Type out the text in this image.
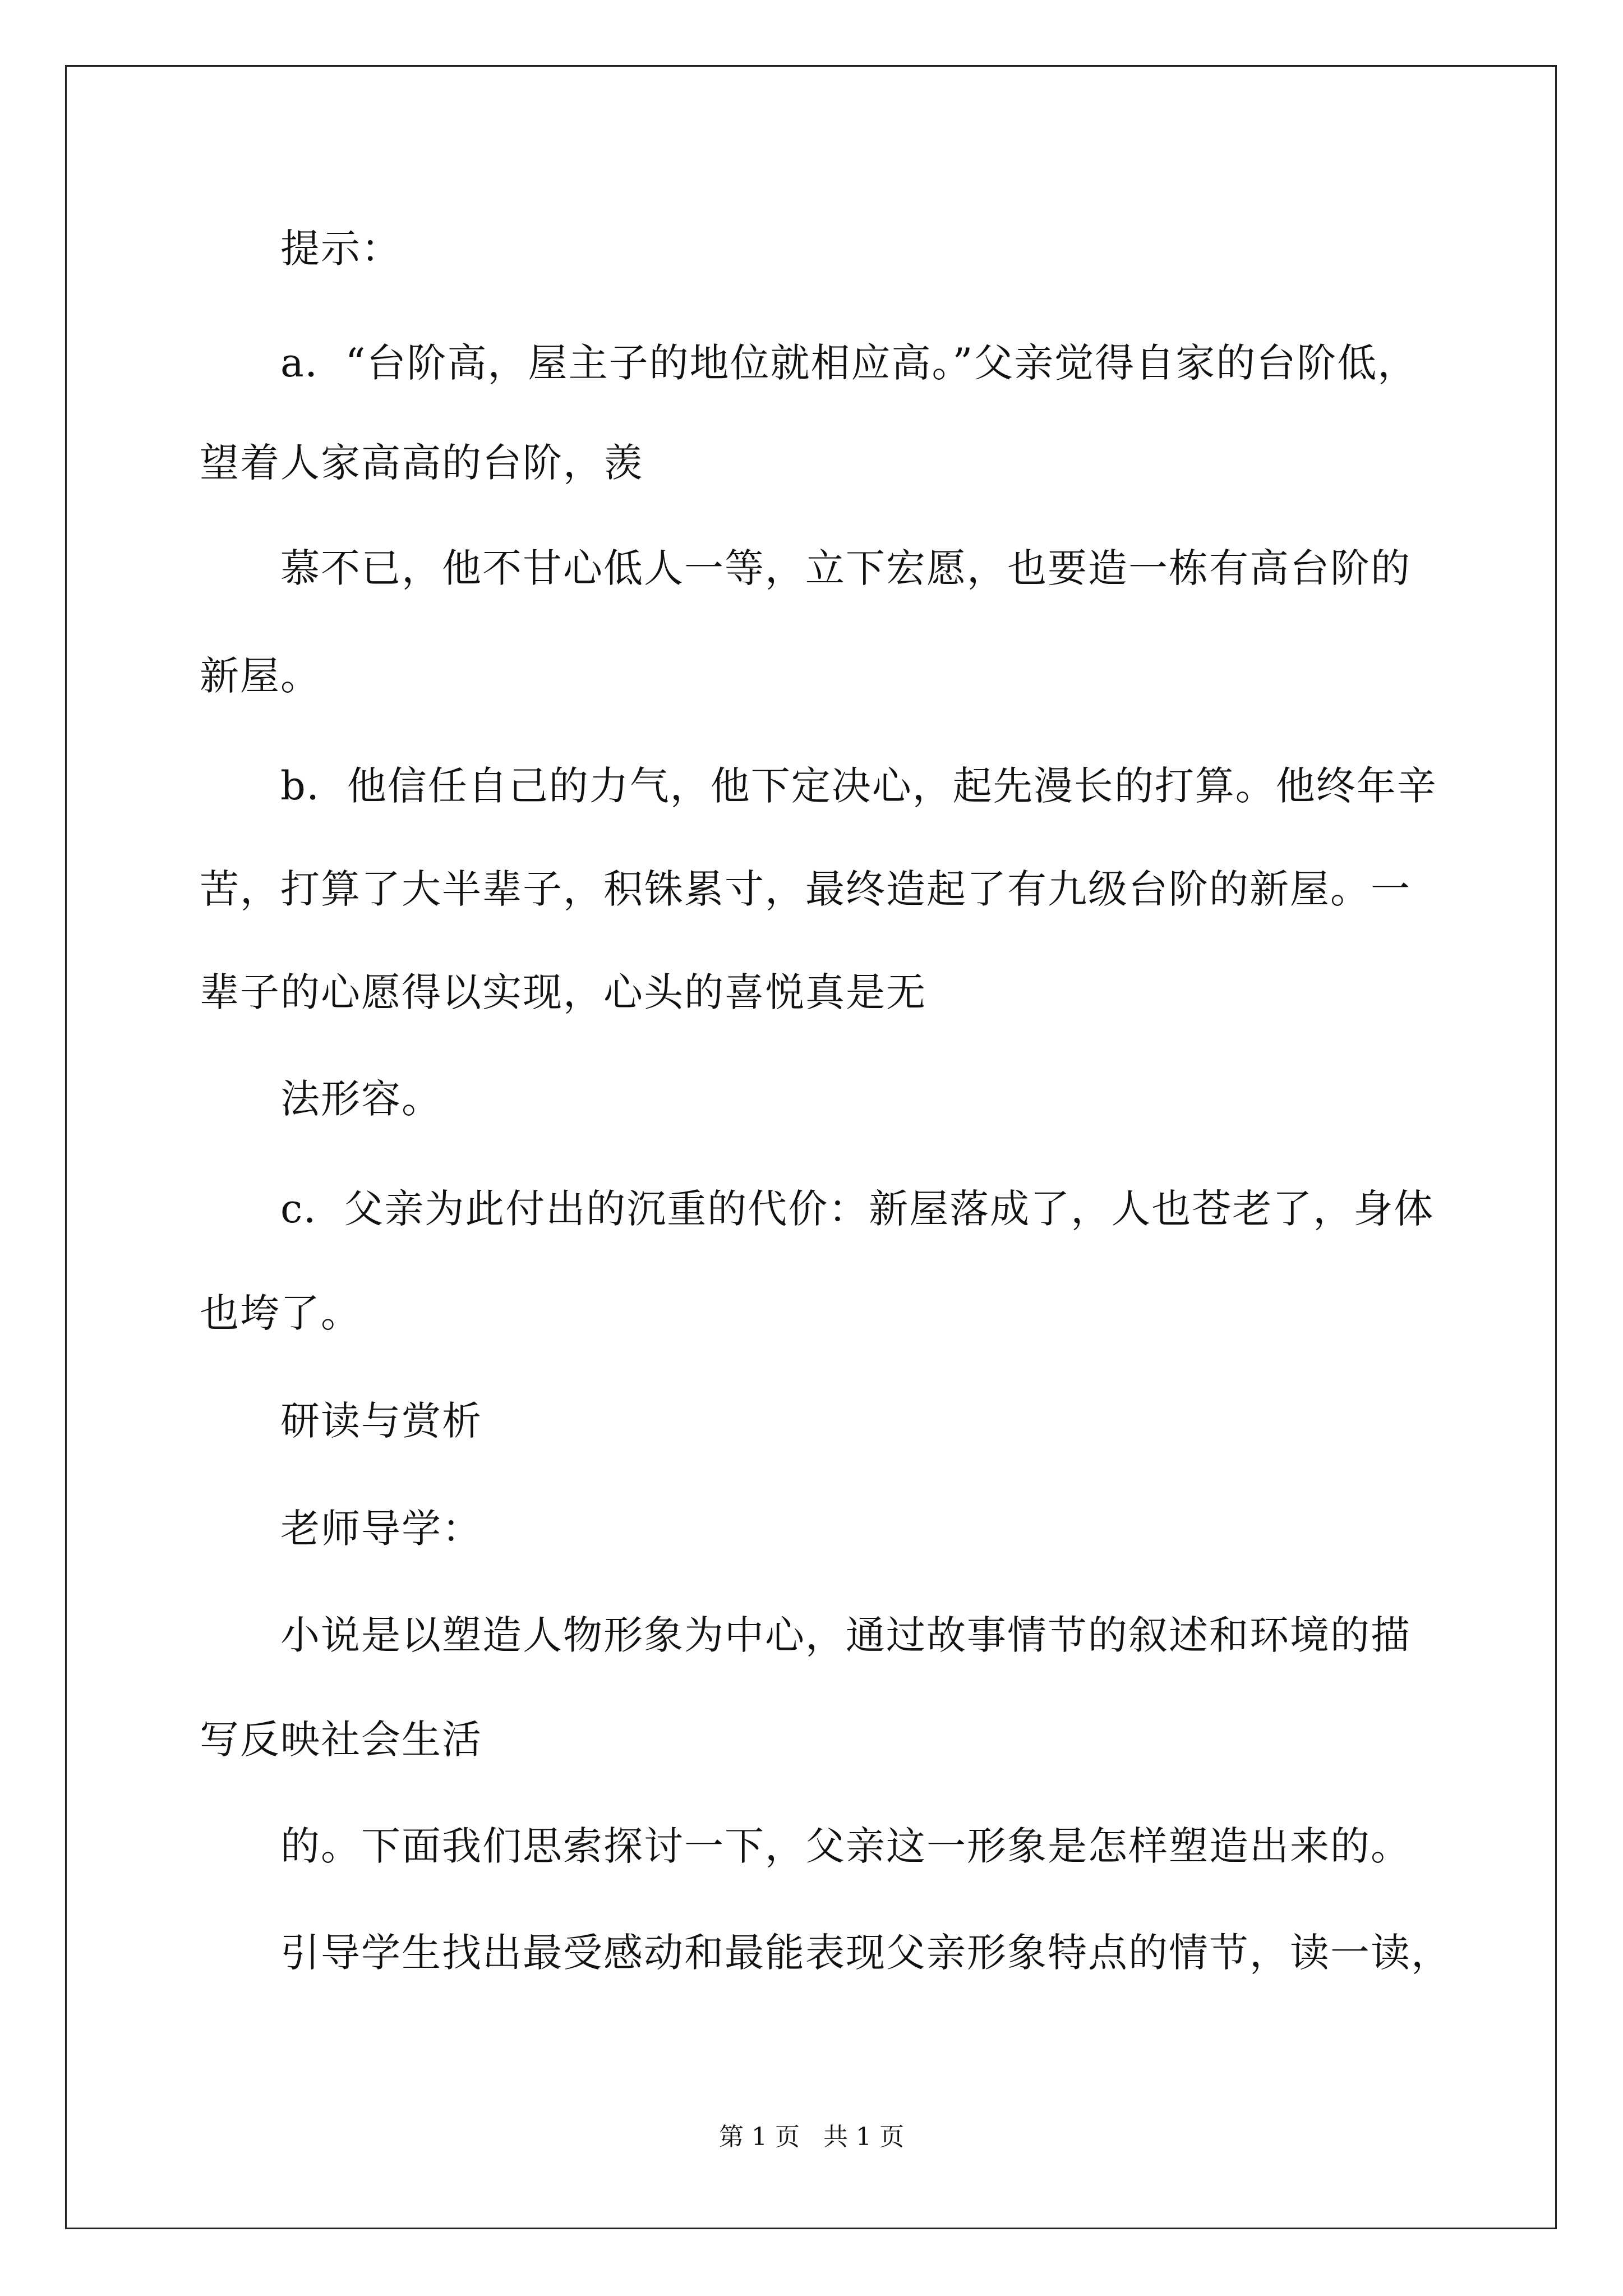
提示：
a．“台阶高，屋主子的地位就相应高。”父亲觉得自家的台阶低，
望着人家高高的台阶，羡
慕不已，他不甘心低人一等，立下宏愿，也要造一栋有高台阶的
新屋。
b．他信任自己的力气，他下定决心，起先漫长的打算。他终年辛
苦，打算了大半辈子，积铢累寸，最终造起了有九级台阶的新屋。一
辈子的心愿得以实现，心头的喜悦真是无
法形容。
c．父亲为此付出的沉重的代价：新屋落成了，人也苍老了，身体
也垮了。
研读与赏析
老师导学：
小说是以塑造人物形象为中心，通过故事情节的叙述和环境的描
写反映社会生活
的。下面我们思索探讨一下，父亲这一形象是怎样塑造出来的。
引导学生找出最受感动和最能表现父亲形象特点的情节，读一读，
第 1 页 共 1 页
